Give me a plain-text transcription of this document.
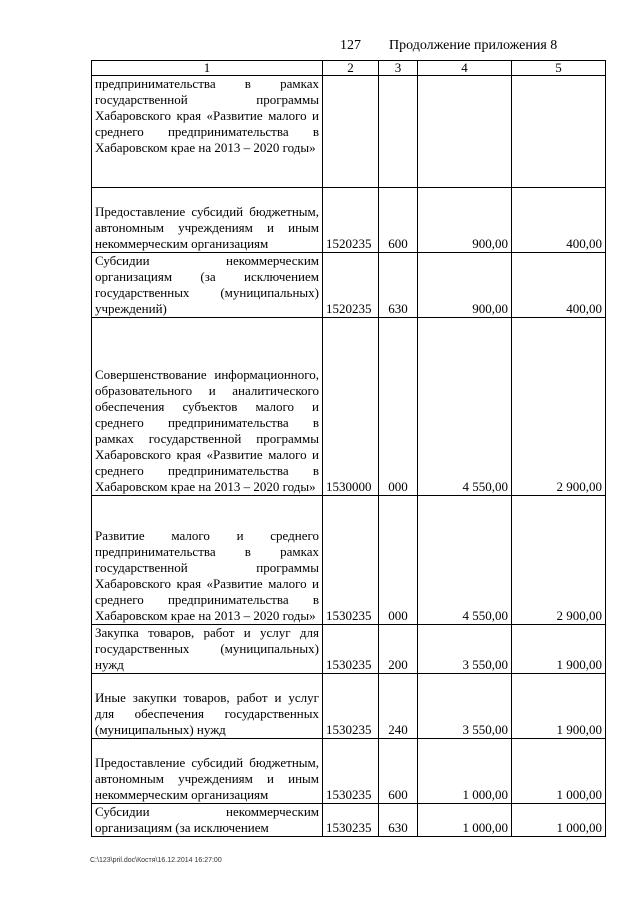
127 Продолжение приложения 8
1	2	3	4	5
предпринимательства в рамках государственной программы Хабаровского края «Развитие малого и среднего предпринимательства в Хабаровском крае на 2013 – 2020 годы»				
Предоставление субсидий бюджетным, автономным учреждениям и иным некоммерческим организациям	1520235	600	900,00	400,00
Субсидии некоммерческим организациям (за исключением государственных (муниципальных) учреждений)	1520235	630	900,00	400,00
Совершенствование информационного, образовательного и аналитического обеспечения субъектов малого и среднего предпринимательства в рамках государственной программы Хабаровского края «Развитие малого и среднего предпринимательства в Хабаровском крае на 2013 – 2020 годы»	1530000	000	4 550,00	2 900,00
Развитие малого и среднего предпринимательства в рамках государственной программы Хабаровского края «Развитие малого и среднего предпринимательства в Хабаровском крае на 2013 – 2020 годы»	1530235	000	4 550,00	2 900,00
Закупка товаров, работ и услуг для государственных (муниципальных) нужд	1530235	200	3 550,00	1 900,00
Иные закупки товаров, работ и услуг для обеспечения государственных (муниципальных) нужд	1530235	240	3 550,00	1 900,00
Предоставление субсидий бюджетным, автономным учреждениям и иным некоммерческим организациям	1530235	600	1 000,00	1 000,00
Субсидии некоммерческим организациям (за исключением	1530235	630	1 000,00	1 000,00
C:\123\pril.doc\Костя\16.12.2014 16:27:00
